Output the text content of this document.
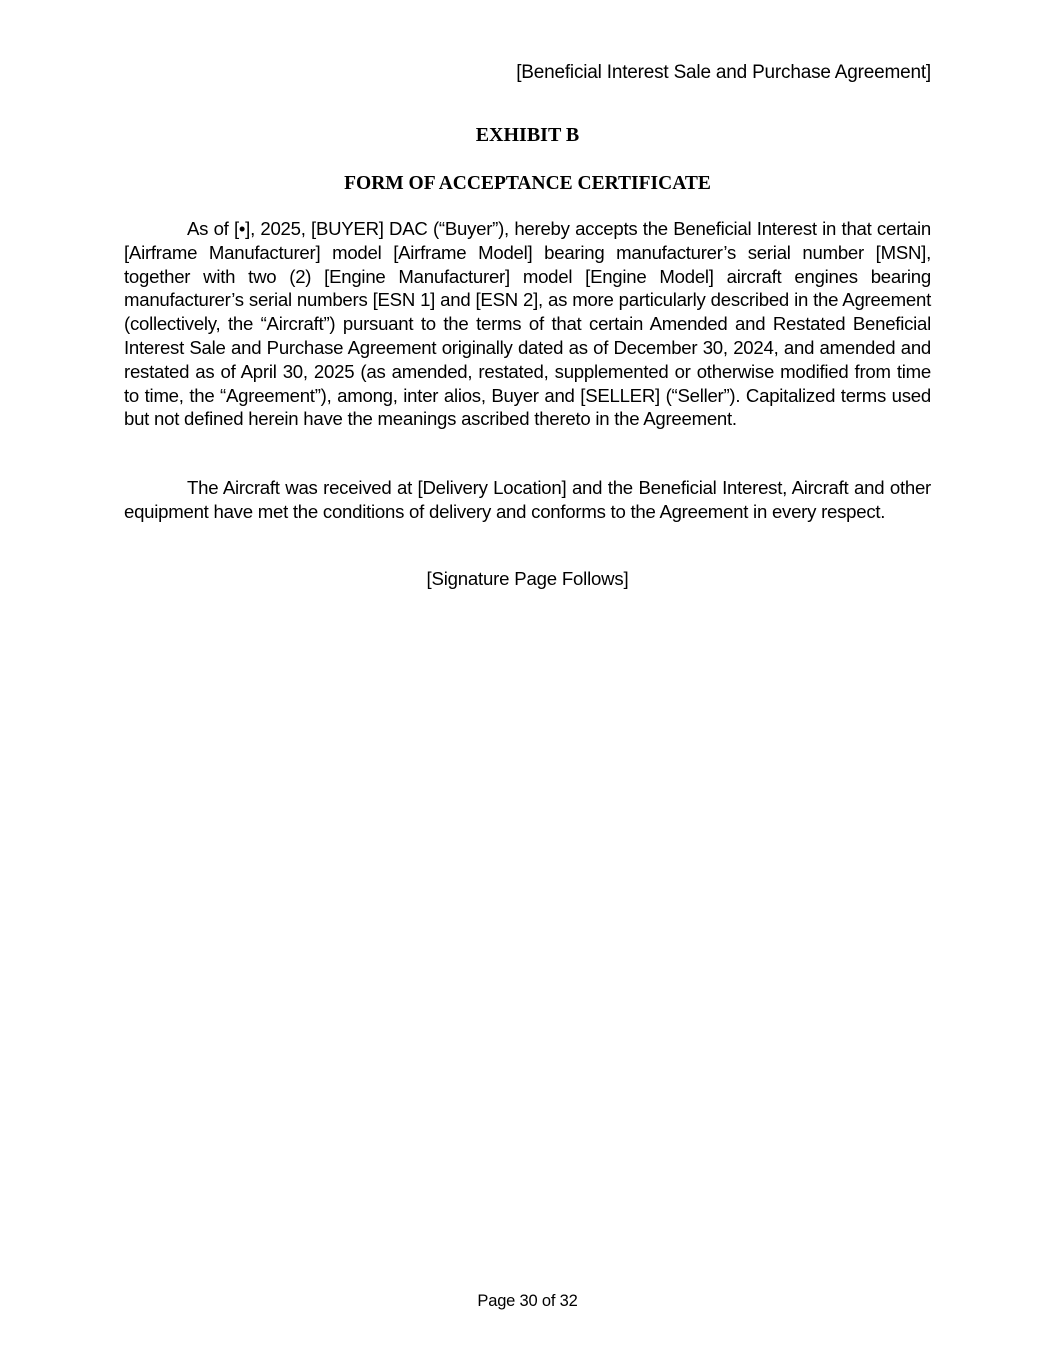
[Beneficial Interest Sale and Purchase Agreement]
EXHIBIT B
FORM OF ACCEPTANCE CERTIFICATE

As of [•], 2025, [BUYER] DAC (“Buyer”), hereby accepts the Beneficial Interest in that certain [Airframe Manufacturer] model [Airframe Model] bearing manufacturer’s serial number [MSN], together with two (2) [Engine Manufacturer] model [Engine Model] aircraft engines bearing manufacturer’s serial numbers [ESN 1] and [ESN 2], as more particularly described in the Agreement (collectively, the “Aircraft”) pursuant to the terms of that certain Amended and Restated Beneficial Interest Sale and Purchase Agreement originally dated as of December 30, 2024, and amended and restated as of April 30, 2025 (as amended, restated, supplemented or otherwise modified from time to time, the “Agreement”), among, inter alios, Buyer and [SELLER] (“Seller”). Capitalized terms used but not defined herein have the meanings ascribed thereto in the Agreement.

The Aircraft was received at [Delivery Location] and the Beneficial Interest, Aircraft and other equipment have met the conditions of delivery and conforms to the Agreement in every respect.

[Signature Page Follows]
Page 30 of 32
